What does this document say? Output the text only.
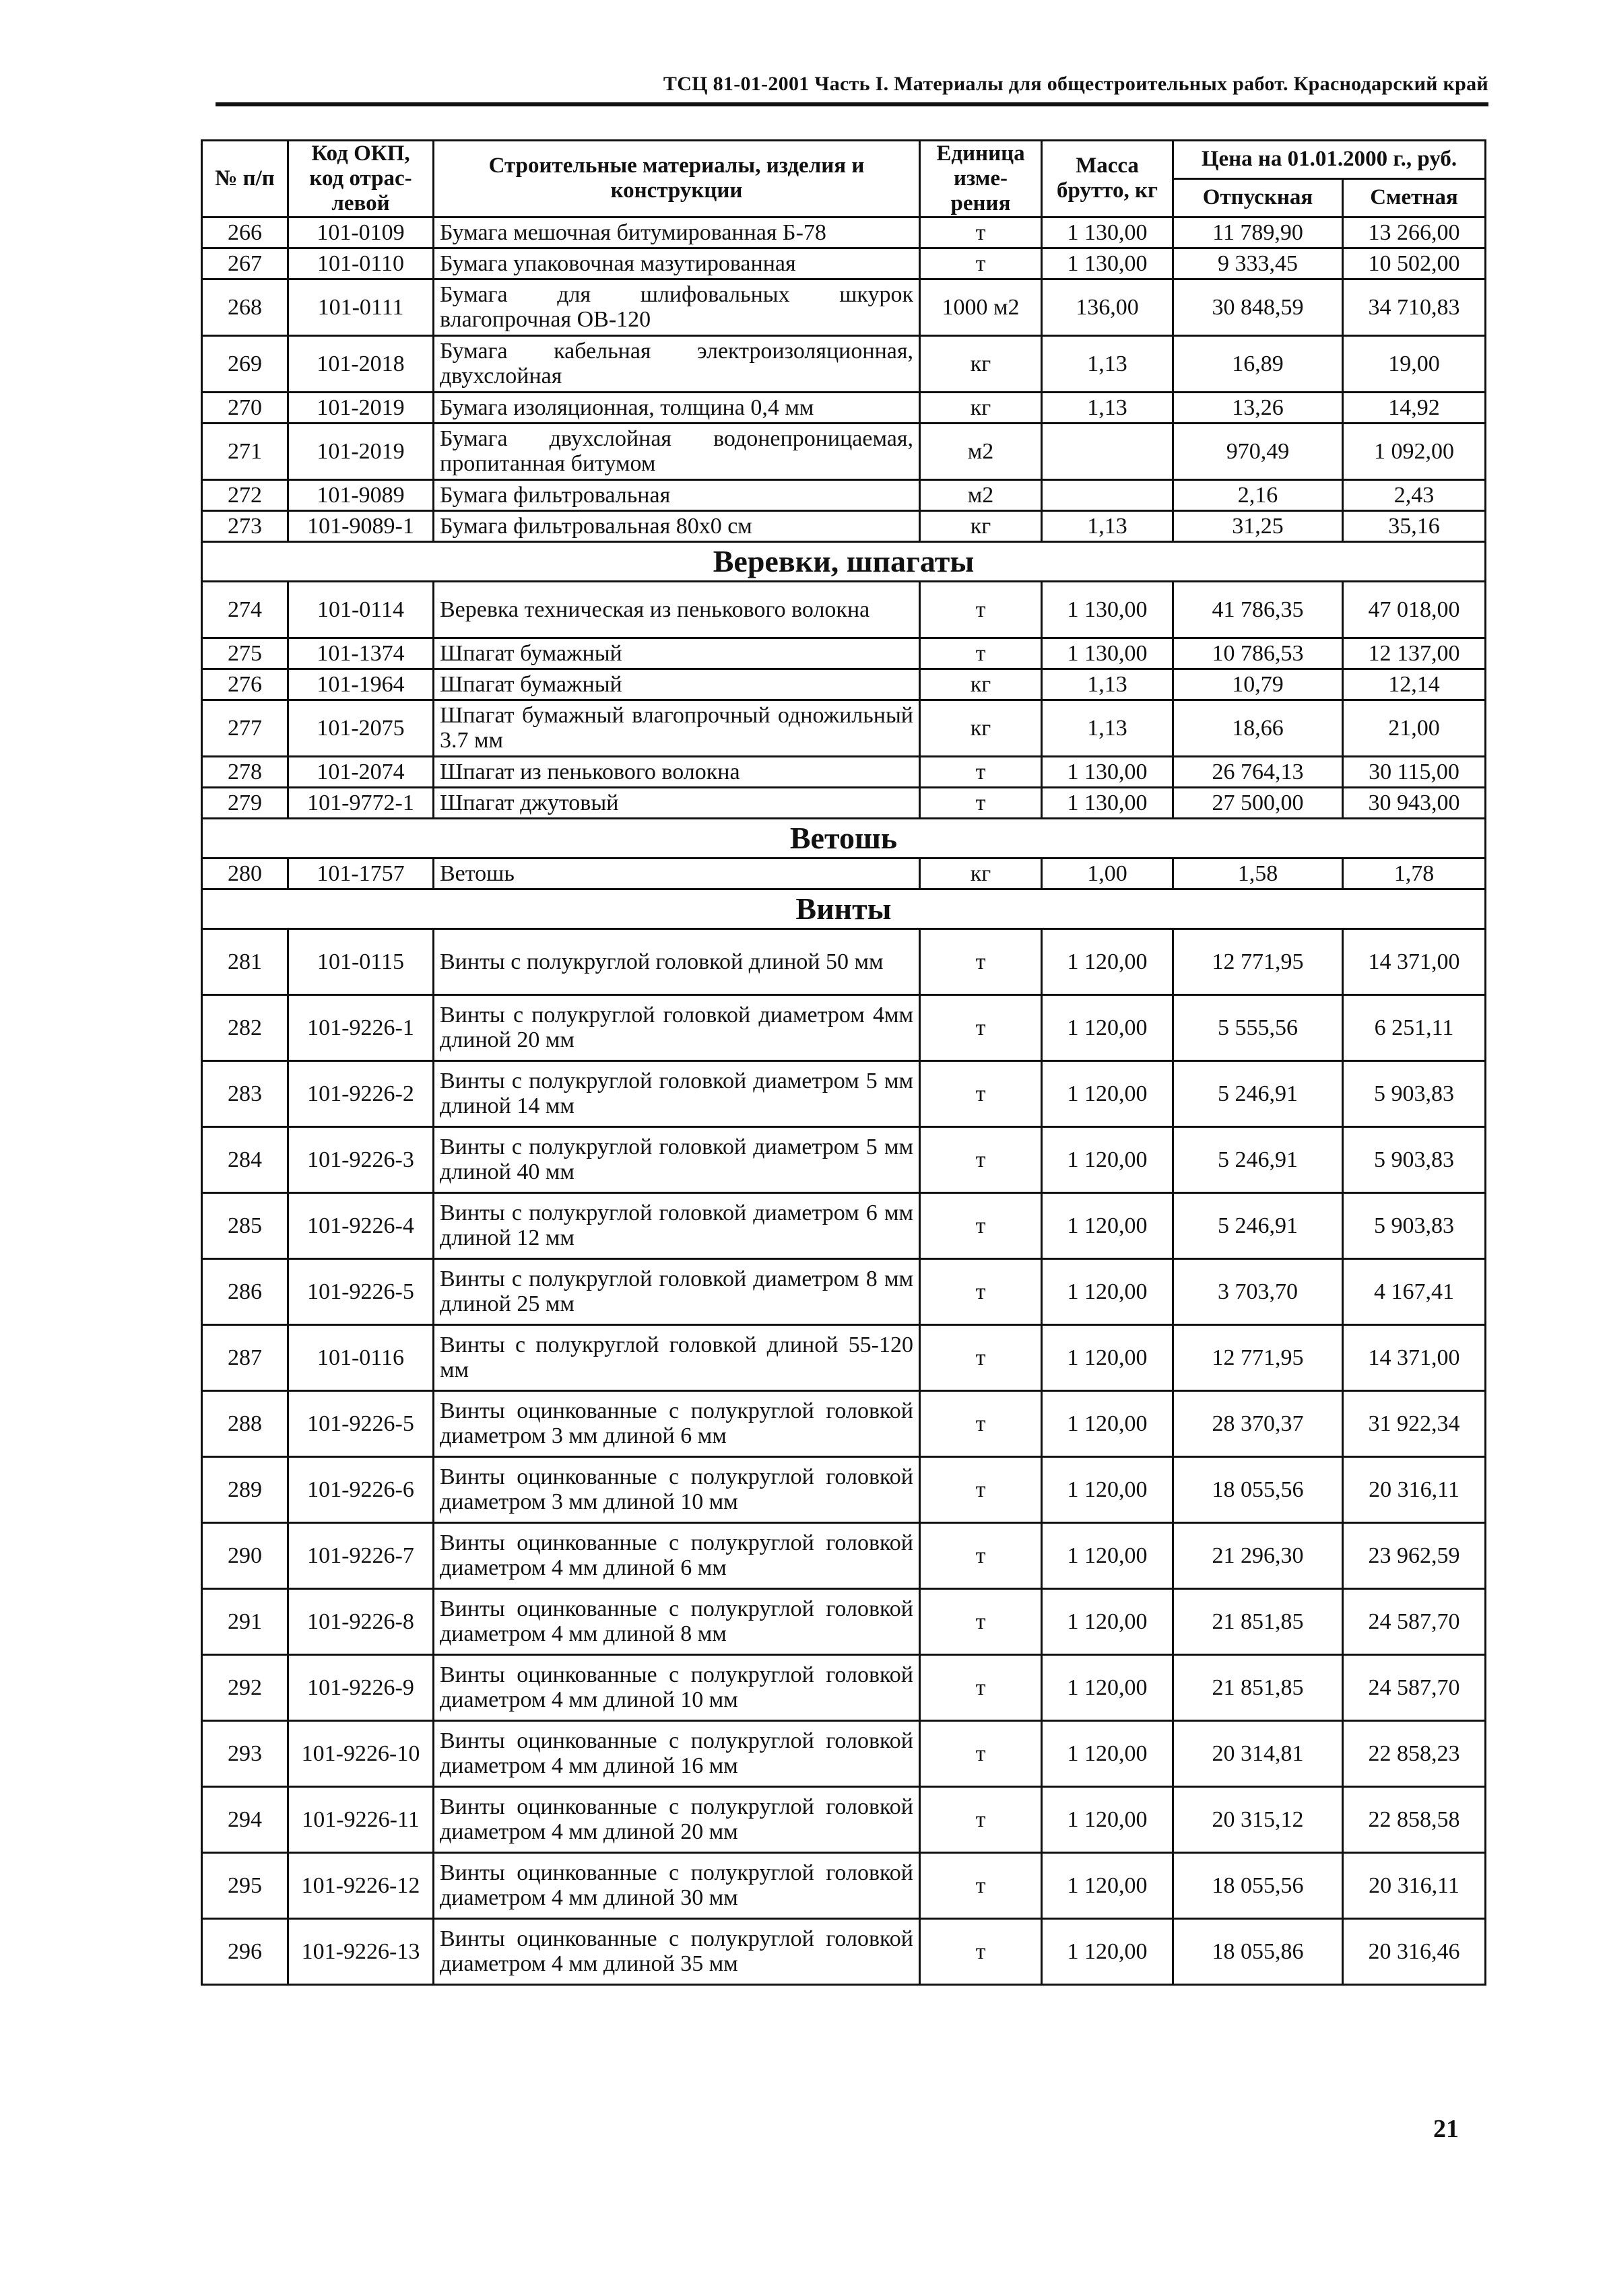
ТСЦ 81-01-2001 Часть I. Материалы для общестроительных работ. Краснодарский край
№ п/п	Код ОКП, код отрас-левой	Строительные материалы, изделия и конструкции	Единица изме-рения	Масса брутто, кг	Цена на 01.01.2000 г., руб.	
					Отпускная	Сметная
266	101-0109	Бумага мешочная битумированная Б-78	т	1 130,00	11 789,90	13 266,00
267	101-0110	Бумага упаковочная мазутированная	т	1 130,00	9 333,45	10 502,00
268	101-0111	Бумага для шлифовальных шкурок влагопрочная ОВ-120	1000 м2	136,00	30 848,59	34 710,83
269	101-2018	Бумага кабельная электроизоляционная, двухслойная	кг	1,13	16,89	19,00
270	101-2019	Бумага изоляционная, толщина 0,4 мм	кг	1,13	13,26	14,92
271	101-2019	Бумага двухслойная водонепроницаемая, пропитанная битумом	м2		970,49	1 092,00
272	101-9089	Бумага фильтровальная	м2		2,16	2,43
273	101-9089-1	Бумага фильтровальная 80х0 см	кг	1,13	31,25	35,16
Веревки, шпагаты						
274	101-0114	Веревка техническая из пенькового волокна	т	1 130,00	41 786,35	47 018,00
275	101-1374	Шпагат бумажный	т	1 130,00	10 786,53	12 137,00
276	101-1964	Шпагат бумажный	кг	1,13	10,79	12,14
277	101-2075	Шпагат бумажный влагопрочный одножильный 3.7 мм	кг	1,13	18,66	21,00
278	101-2074	Шпагат из пенькового волокна	т	1 130,00	26 764,13	30 115,00
279	101-9772-1	Шпагат джутовый	т	1 130,00	27 500,00	30 943,00
Ветошь						
280	101-1757	Ветошь	кг	1,00	1,58	1,78
Винты						
281	101-0115	Винты с полукруглой головкой длиной 50 мм	т	1 120,00	12 771,95	14 371,00
282	101-9226-1	Винты с полукруглой головкой диаметром 4мм длиной 20 мм	т	1 120,00	5 555,56	6 251,11
283	101-9226-2	Винты с полукруглой головкой диаметром 5 мм длиной 14 мм	т	1 120,00	5 246,91	5 903,83
284	101-9226-3	Винты с полукруглой головкой диаметром 5 мм длиной 40 мм	т	1 120,00	5 246,91	5 903,83
285	101-9226-4	Винты с полукруглой головкой диаметром 6 мм длиной 12 мм	т	1 120,00	5 246,91	5 903,83
286	101-9226-5	Винты с полукруглой головкой диаметром 8 мм длиной 25 мм	т	1 120,00	3 703,70	4 167,41
287	101-0116	Винты с полукруглой головкой длиной 55-120 мм	т	1 120,00	12 771,95	14 371,00
288	101-9226-5	Винты оцинкованные с полукруглой головкой диаметром 3 мм длиной 6 мм	т	1 120,00	28 370,37	31 922,34
289	101-9226-6	Винты оцинкованные с полукруглой головкой диаметром 3 мм длиной 10 мм	т	1 120,00	18 055,56	20 316,11
290	101-9226-7	Винты оцинкованные с полукруглой головкой диаметром 4 мм длиной 6 мм	т	1 120,00	21 296,30	23 962,59
291	101-9226-8	Винты оцинкованные с полукруглой головкой диаметром 4 мм длиной 8 мм	т	1 120,00	21 851,85	24 587,70
292	101-9226-9	Винты оцинкованные с полукруглой головкой диаметром 4 мм длиной 10 мм	т	1 120,00	21 851,85	24 587,70
293	101-9226-10	Винты оцинкованные с полукруглой головкой диаметром 4 мм длиной 16 мм	т	1 120,00	20 314,81	22 858,23
294	101-9226-11	Винты оцинкованные с полукруглой головкой диаметром 4 мм длиной 20 мм	т	1 120,00	20 315,12	22 858,58
295	101-9226-12	Винты оцинкованные с полукруглой головкой диаметром 4 мм длиной 30 мм	т	1 120,00	18 055,56	20 316,11
296	101-9226-13	Винты оцинкованные с полукруглой головкой диаметром 4 мм длиной 35 мм	т	1 120,00	18 055,86	20 316,46
21
